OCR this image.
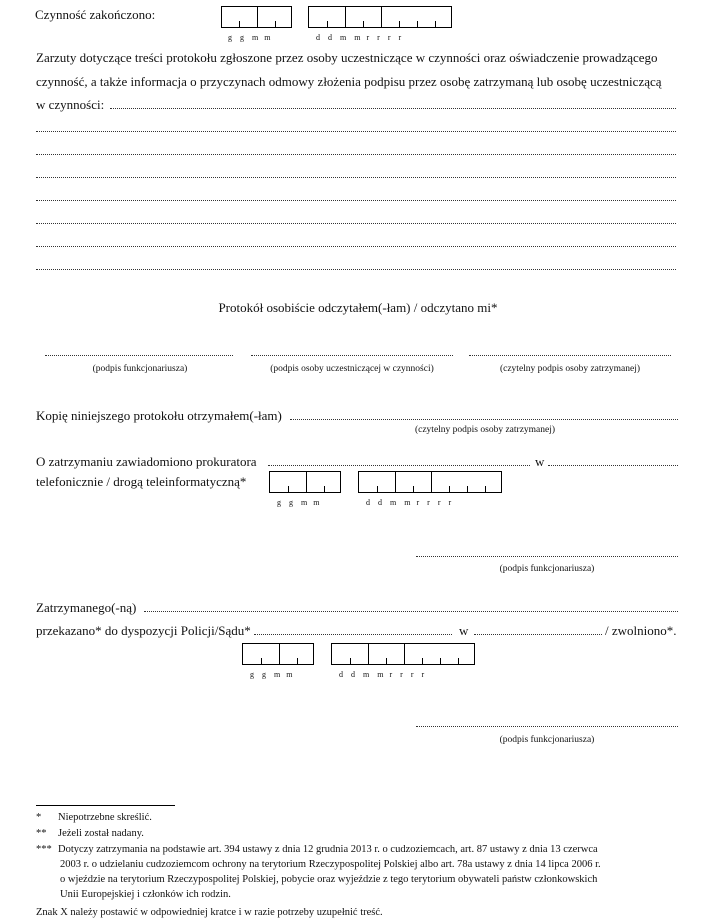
Czynność zakończono:
g g m m	d d m m r r r r
Zarzuty dotyczące treści protokołu zgłoszone przez osoby uczestniczące w czynności oraz oświadczenie prowadzącego
czynność, a także informacja o przyczynach odmowy złożenia podpisu przez osobę zatrzymaną lub osobę uczestniczącą
w czynności:
Protokół osobiście odczytałem(-łam) / odczytano mi*
(podpis funkcjonariusza)	(podpis osoby uczestniczącej w czynności)	(czytelny podpis osoby zatrzymanej)
Kopię niniejszego protokołu otrzymałem(-łam)
(czytelny podpis osoby zatrzymanej)
O zatrzymaniu zawiadomiono prokuratora	w
telefonicznie / drogą teleinformatyczną*
g g m m	d d m m r r r r
(podpis funkcjonariusza)
Zatrzymanego(-ną)
przekazano* do dyspozycji Policji/Sądu*	w	/ zwolniono*.
g g m m	d d m m r r r r
(podpis funkcjonariusza)
* Niepotrzebne skreślić.
** Jeżeli został nadany.
*** Dotyczy zatrzymania na podstawie art. 394 ustawy z dnia 12 grudnia 2013 r. o cudzoziemcach, art. 87 ustawy z dnia 13 czerwca
2003 r. o udzielaniu cudzoziemcom ochrony na terytorium Rzeczypospolitej Polskiej albo art. 78a ustawy z dnia 14 lipca 2006 r.
o wjeździe na terytorium Rzeczypospolitej Polskiej, pobycie oraz wyjeździe z tego terytorium obywateli państw członkowskich
Unii Europejskiej i członków ich rodzin.
Znak X należy postawić w odpowiedniej kratce i w razie potrzeby uzupełnić treść.
